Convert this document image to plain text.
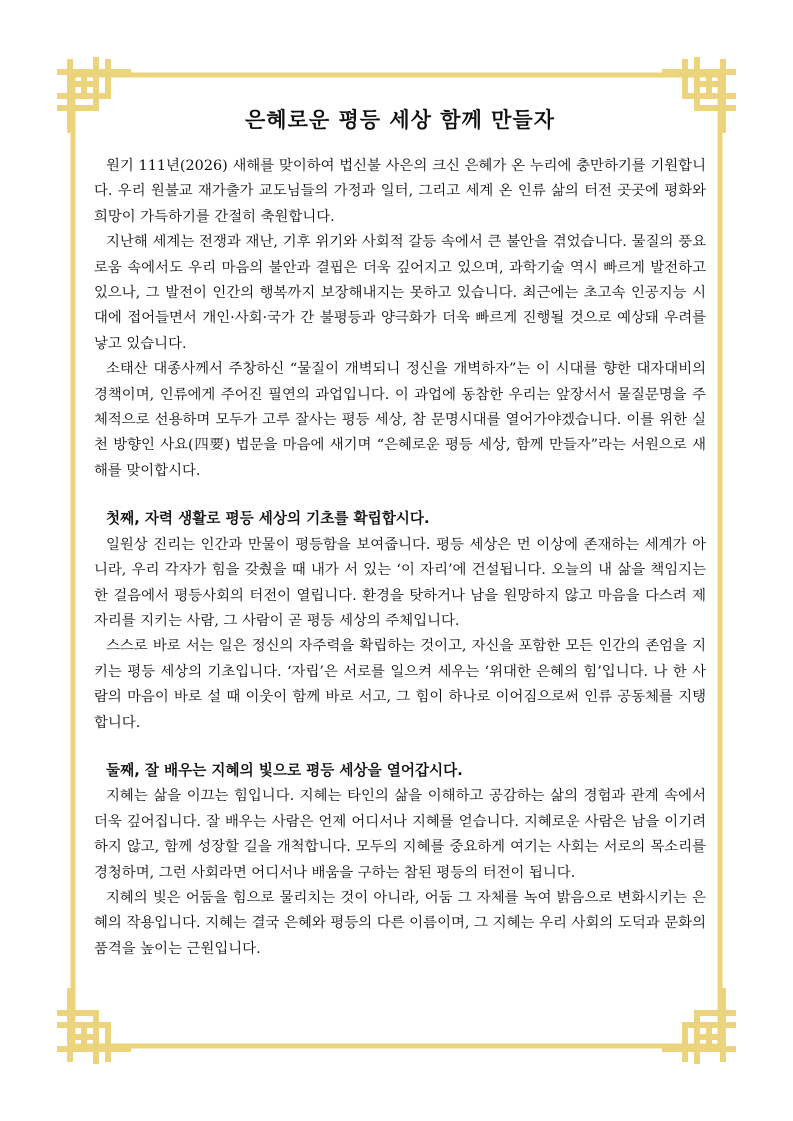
은혜로운 평등 세상 함께 만들자

원기 111년(2026) 새해를 맞이하여 법신불 사은의 크신 은혜가 온 누리에 충만하기를 기원합니다. 우리 원불교 재가출가 교도님들의 가정과 일터, 그리고 세계 온 인류 삶의 터전 곳곳에 평화와 희망이 가득하기를 간절히 축원합니다.

지난해 세계는 전쟁과 재난, 기후 위기와 사회적 갈등 속에서 큰 불안을 겪었습니다. 물질의 풍요로움 속에서도 우리 마음의 불안과 결핍은 더욱 깊어지고 있으며, 과학기술 역시 빠르게 발전하고 있으나, 그 발전이 인간의 행복까지 보장해내지는 못하고 있습니다. 최근에는 초고속 인공지능 시대에 접어들면서 개인·사회·국가 간 불평등과 양극화가 더욱 빠르게 진행될 것으로 예상돼 우려를 낳고 있습니다.

소태산 대종사께서 주창하신 “물질이 개벽되니 정신을 개벽하자”는 이 시대를 향한 대자대비의 경책이며, 인류에게 주어진 필연의 과업입니다. 이 과업에 동참한 우리는 앞장서서 물질문명을 주체적으로 선용하며 모두가 고루 잘사는 평등 세상, 참 문명시대를 열어가야겠습니다. 이를 위한 실천 방향인 사요(四要) 법문을 마음에 새기며 “은혜로운 평등 세상, 함께 만들자”라는 서원으로 새해를 맞이합시다.

첫째, 자력 생활로 평등 세상의 기초를 확립합시다.

일원상 진리는 인간과 만물이 평등함을 보여줍니다. 평등 세상은 먼 이상에 존재하는 세계가 아니라, 우리 각자가 힘을 갖췄을 때 내가 서 있는 ‘이 자리’에 건설됩니다. 오늘의 내 삶을 책임지는 한 걸음에서 평등사회의 터전이 열립니다. 환경을 탓하거나 남을 원망하지 않고 마음을 다스려 제자리를 지키는 사람, 그 사람이 곧 평등 세상의 주체입니다.

스스로 바로 서는 일은 정신의 자주력을 확립하는 것이고, 자신을 포함한 모든 인간의 존엄을 지키는 평등 세상의 기초입니다. ‘자립’은 서로를 일으켜 세우는 ‘위대한 은혜의 힘’입니다. 나 한 사람의 마음이 바로 설 때 이웃이 함께 바로 서고, 그 힘이 하나로 이어짐으로써 인류 공동체를 지탱합니다.

둘째, 잘 배우는 지혜의 빛으로 평등 세상을 열어갑시다.

지혜는 삶을 이끄는 힘입니다. 지혜는 타인의 삶을 이해하고 공감하는 삶의 경험과 관계 속에서 더욱 깊어집니다. 잘 배우는 사람은 언제 어디서나 지혜를 얻습니다. 지혜로운 사람은 남을 이기려 하지 않고, 함께 성장할 길을 개척합니다. 모두의 지혜를 중요하게 여기는 사회는 서로의 목소리를 경청하며, 그런 사회라면 어디서나 배움을 구하는 참된 평등의 터전이 됩니다.

지혜의 빛은 어둠을 힘으로 물리치는 것이 아니라, 어둠 그 자체를 녹여 밝음으로 변화시키는 은혜의 작용입니다. 지혜는 결국 은혜와 평등의 다른 이름이며, 그 지혜는 우리 사회의 도덕과 문화의 품격을 높이는 근원입니다.
